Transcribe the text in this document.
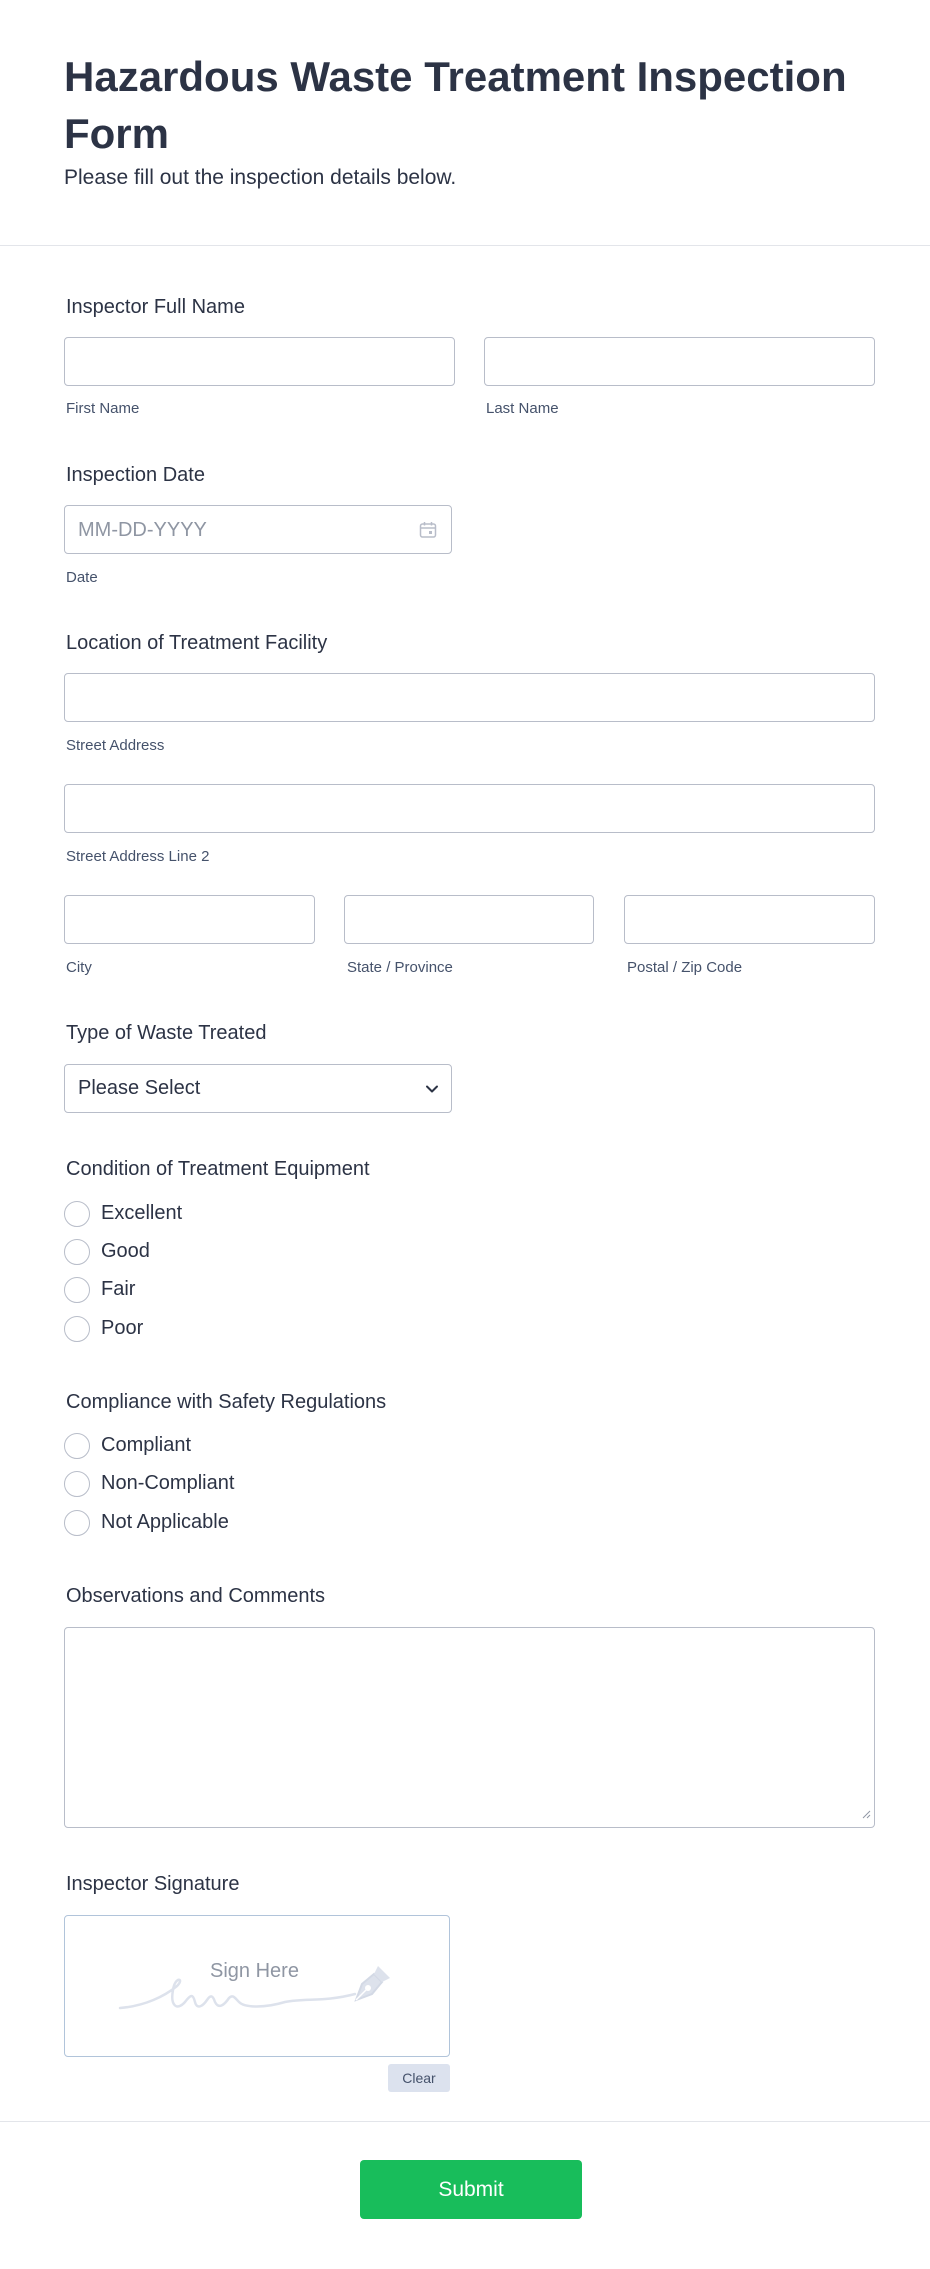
Hazardous Waste Treatment Inspection Form
Please fill out the inspection details below.
Inspector Full Name
First Name	Last Name
Inspection Date
MM-DD-YYYY
Date
Location of Treatment Facility
Street Address
Street Address Line 2
City	State / Province	Postal / Zip Code
Type of Waste Treated
Please Select
Condition of Treatment Equipment
Excellent
Good
Fair
Poor
Compliance with Safety Regulations
Compliant
Non-Compliant
Not Applicable
Observations and Comments
Inspector Signature
Sign Here
Clear
Submit
